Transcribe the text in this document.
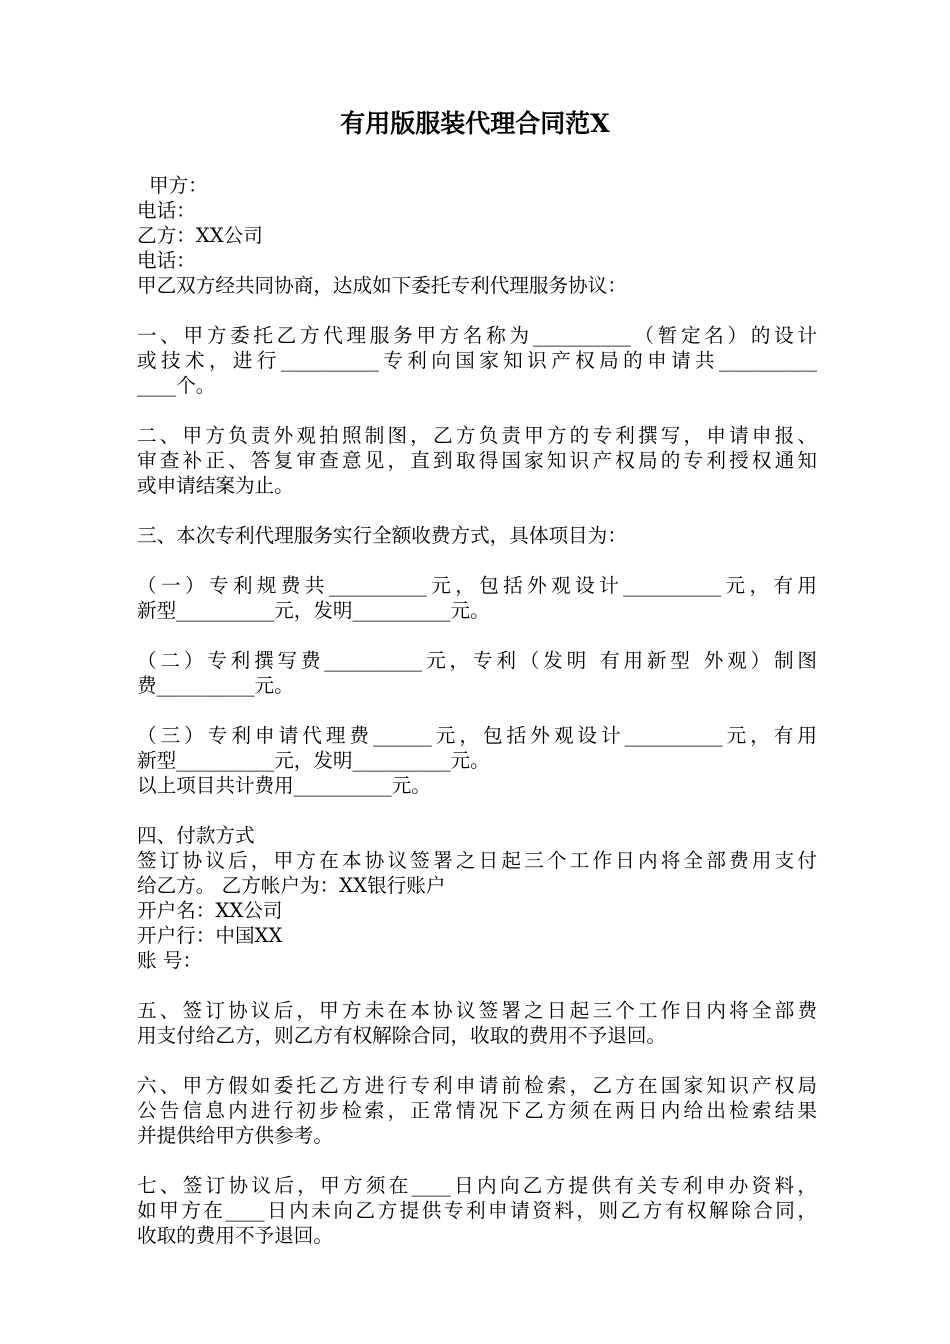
有用版服装代理合同范X
甲方：
电话：
乙方：XX公司
电话：
甲乙双方经共同协商，达成如下委托专利代理服务协议：
一、甲方委托乙方代理服务甲方名称为__________（暂定名）的设计
或技术，进行__________专利向国家知识产权局的申请共__________
____个。
二、甲方负责外观拍照制图，乙方负责甲方的专利撰写，申请申报、
审查补正、答复审查意见，直到取得国家知识产权局的专利授权通知
或申请结案为止。
三、本次专利代理服务实行全额收费方式，具体项目为：
（一）专利规费共__________元，包括外观设计__________元，有用
新型__________元，发明__________元。
（二）专利撰写费__________元，专利（发明 有用新型 外观）制图
费__________元。
（三）专利申请代理费______元，包括外观设计__________元，有用
新型__________元，发明__________元。
以上项目共计费用__________元。
四、付款方式
签订协议后，甲方在本协议签署之日起三个工作日内将全部费用支付
给乙方。 乙方帐户为：XX银行账户
开户名：XX公司
开户行：中国XX
账 号：
五、签订协议后，甲方未在本协议签署之日起三个工作日内将全部费
用支付给乙方，则乙方有权解除合同，收取的费用不予退回。
六、甲方假如委托乙方进行专利申请前检索，乙方在国家知识产权局
公告信息内进行初步检索，正常情况下乙方须在两日内给出检索结果
并提供给甲方供参考。
七、签订协议后，甲方须在____日内向乙方提供有关专利申办资料，
如甲方在____日内未向乙方提供专利申请资料，则乙方有权解除合同，
收取的费用不予退回。
